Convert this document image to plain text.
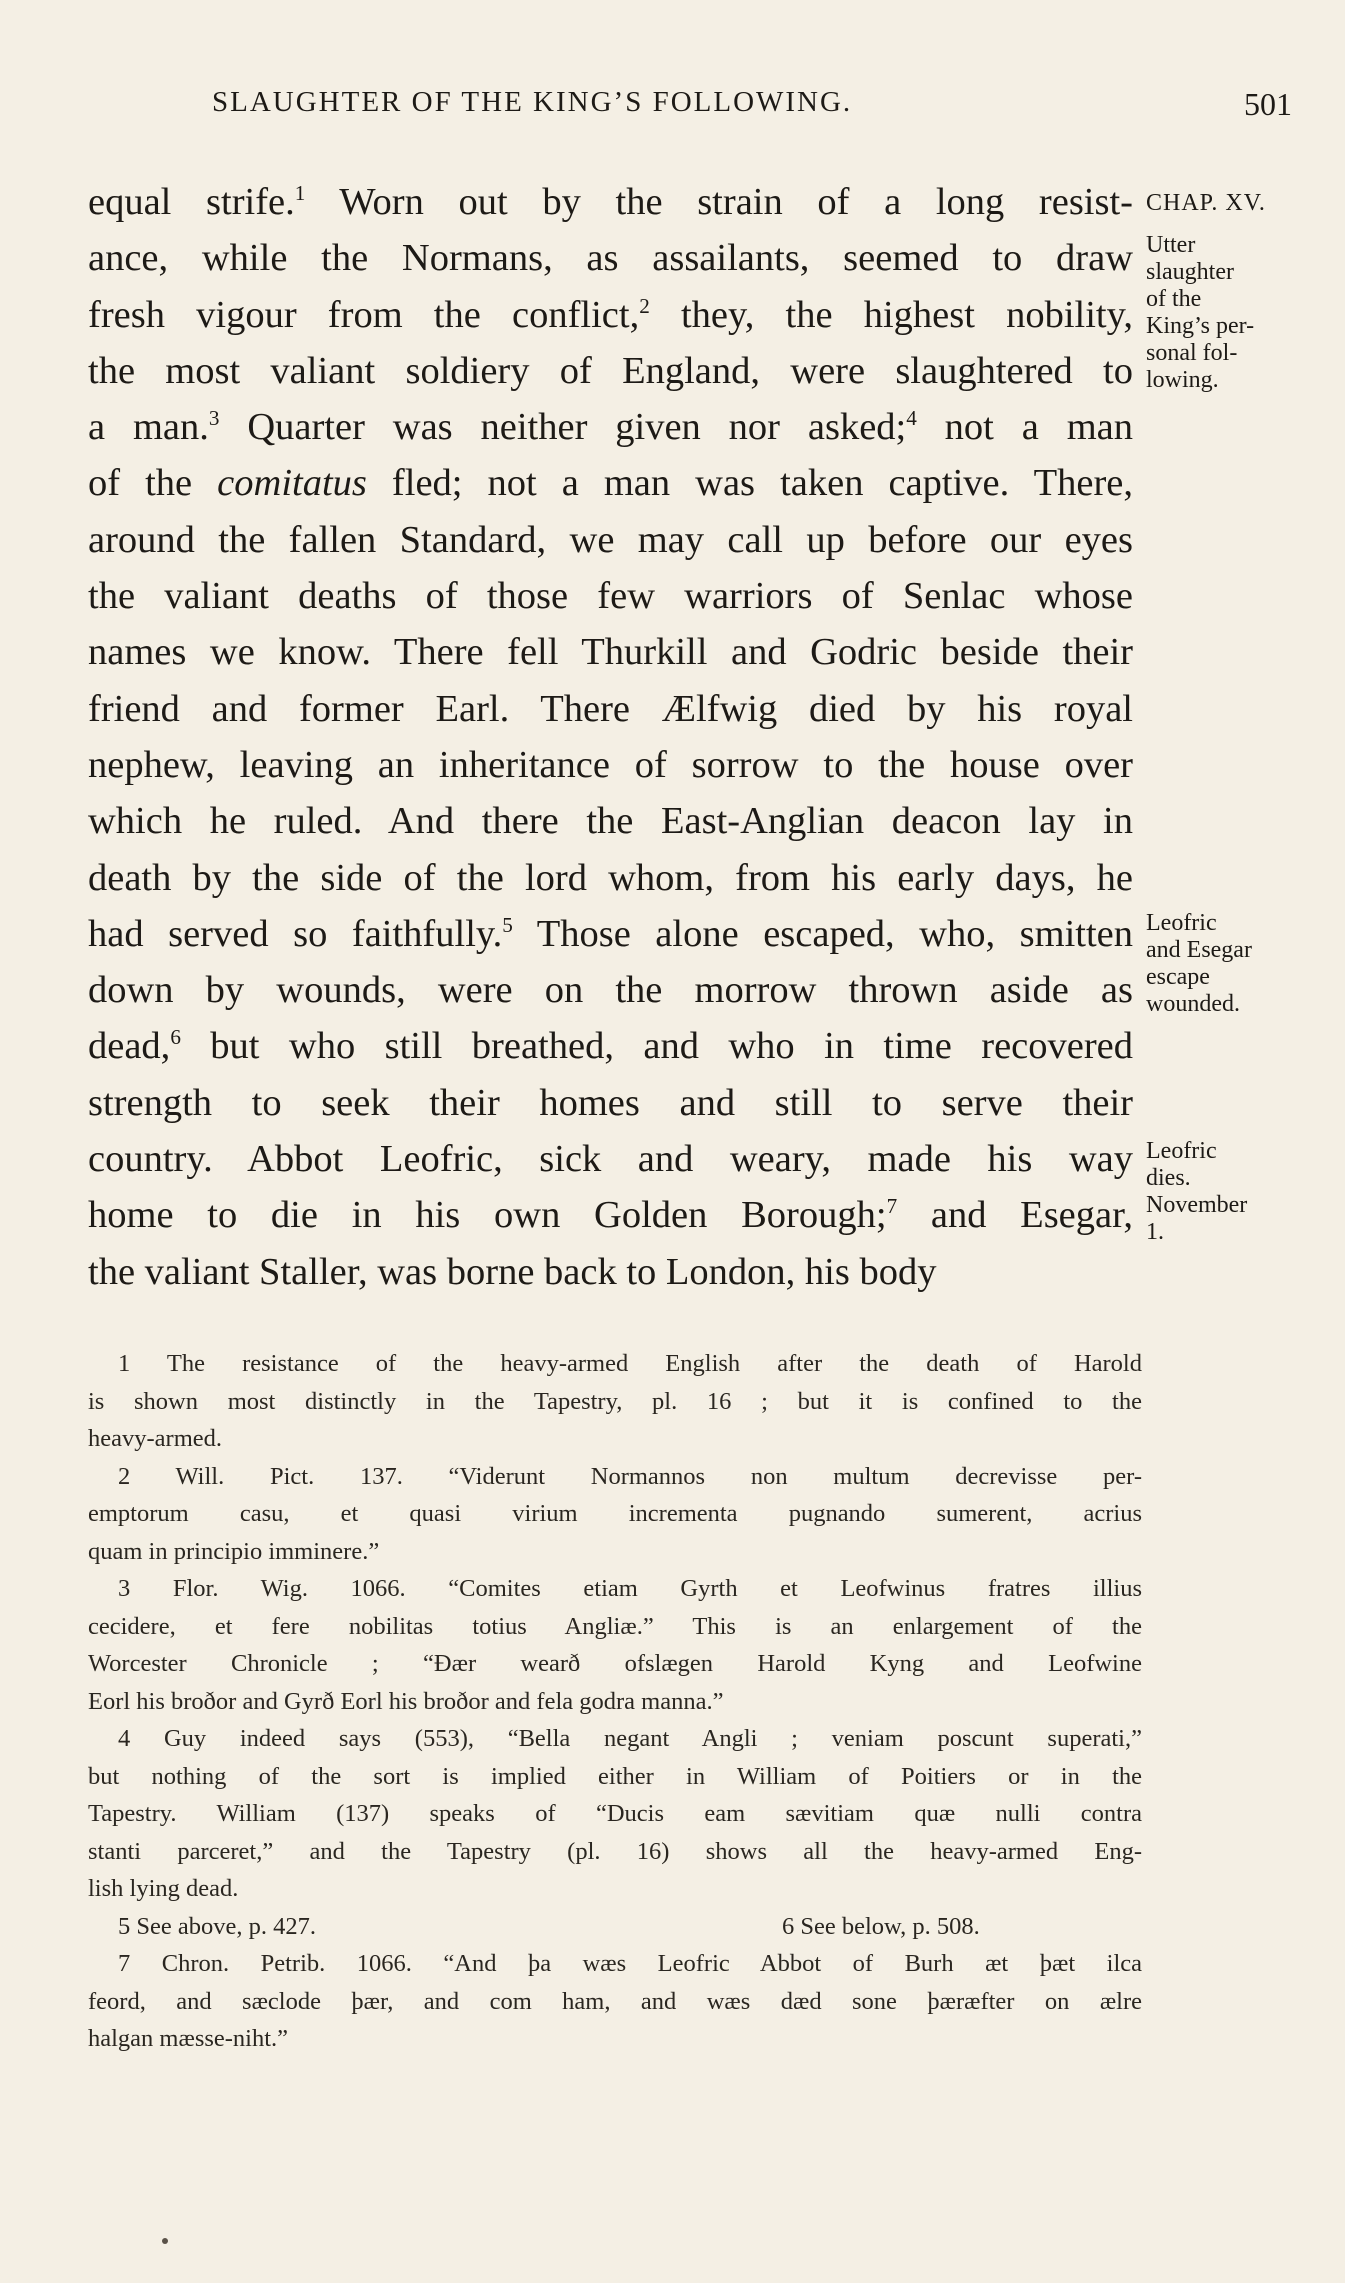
SLAUGHTER OF THE KING’S FOLLOWING.	501
equal strife.$^1$ Worn out by the strain of a long resist-
ance, while the Normans, as assailants, seemed to draw
fresh vigour from the conflict,$^2$ they, the highest nobility,
the most valiant soldiery of England, were slaughtered to
a man.$^3$ Quarter was neither given nor asked;$^4$ not a man
of the comitatus fled; not a man was taken captive. There,
around the fallen Standard, we may call up before our eyes
the valiant deaths of those few warriors of Senlac whose
names we know. There fell Thurkill and Godric beside their
friend and former Earl. There Ælfwig died by his royal
nephew, leaving an inheritance of sorrow to the house over
which he ruled. And there the East-Anglian deacon lay in
death by the side of the lord whom, from his early days, he
had served so faithfully.$^5$ Those alone escaped, who, smitten
down by wounds, were on the morrow thrown aside as
dead,$^6$ but who still breathed, and who in time recovered
strength to seek their homes and still to serve their
country. Abbot Leofric, sick and weary, made his way
home to die in his own Golden Borough;$^7$ and Esegar,
the valiant Staller, was borne back to London, his body
CHAP. XV.
Utter
slaughter
of the
King’s per-
sonal fol-
lowing.
Leofric
and Esegar
escape
wounded.
Leofric
dies.
November
1.
1 The resistance of the heavy-armed English after the death of Harold
is shown most distinctly in the Tapestry, pl. 16 ; but it is confined to the
heavy-armed.
2 Will. Pict. 137. “Viderunt Normannos non multum decrevisse per-
emptorum casu, et quasi virium incrementa pugnando sumerent, acrius
quam in principio imminere.”
3 Flor. Wig. 1066. “Comites etiam Gyrth et Leofwinus fratres illius
cecidere, et fere nobilitas totius Angliæ.” This is an enlargement of the
Worcester Chronicle ; “Ðær wearð ofslægen Harold Kyng and Leofwine
Eorl his broðor and Gyrð Eorl his broðor and fela godra manna.”
4 Guy indeed says (553), “Bella negant Angli ; veniam poscunt superati,”
but nothing of the sort is implied either in William of Poitiers or in the
Tapestry. William (137) speaks of “Ducis eam sævitiam quæ nulli contra
stanti parceret,” and the Tapestry (pl. 16) shows all the heavy-armed Eng-
lish lying dead.
5 See above, p. 427.	6 See below, p. 508.
7 Chron. Petrib. 1066. “And þa wæs Leofric Abbot of Burh æt þæt ilca
feord, and sæclode þær, and com ham, and wæs dæd sone þæræfter on ælre
halgan mæsse-niht.”
